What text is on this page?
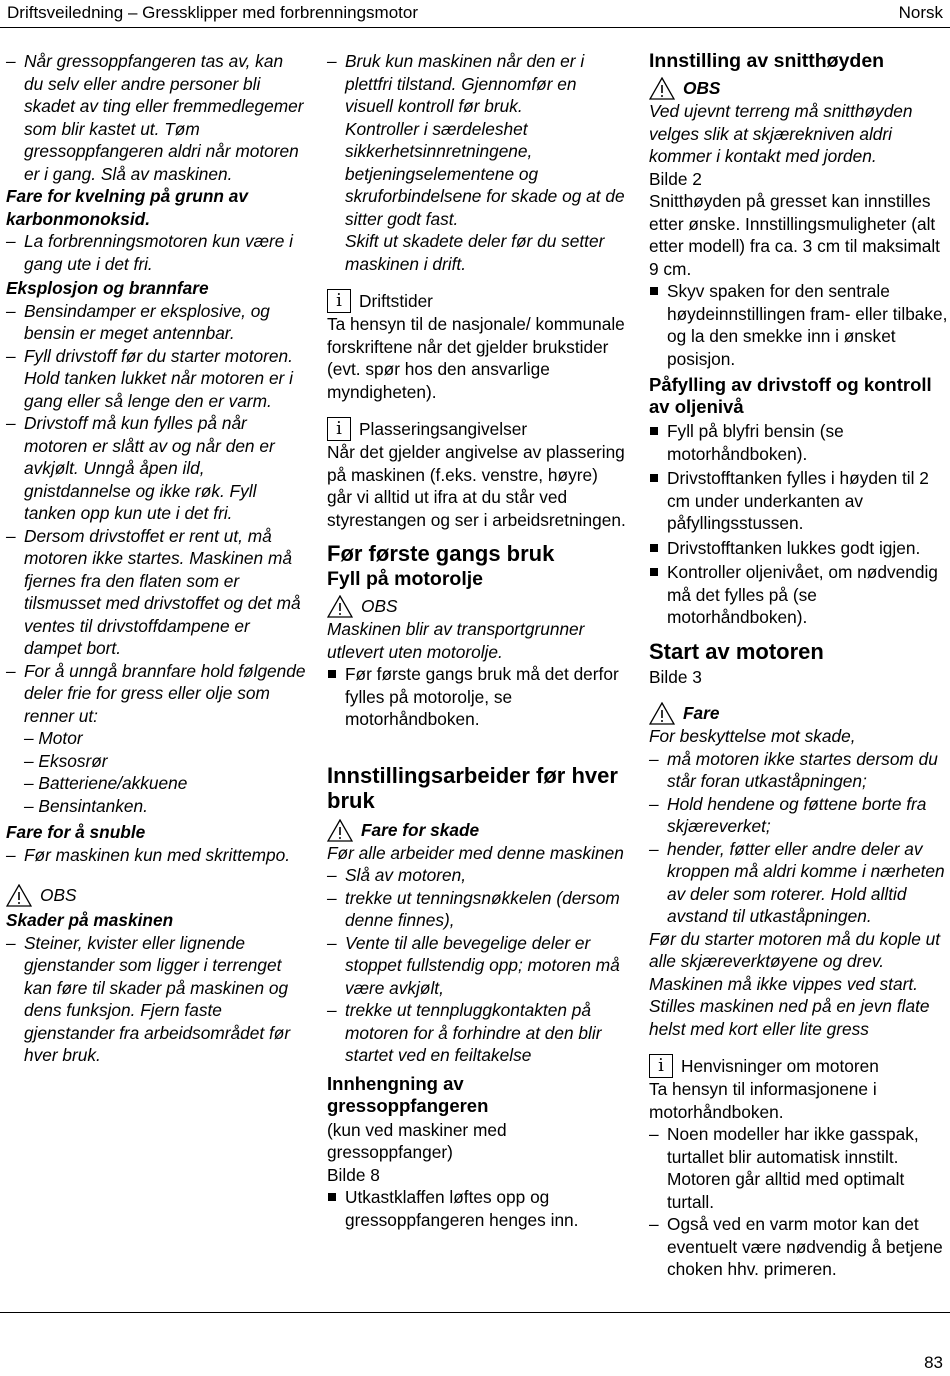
Driftsveiledning – Gressklipper med forbrenningsmotor	Norsk
– Når gressoppfangeren tas av, kan du selv eller andre personer bli skadet av ting eller fremmedlegemer som blir kastet ut. Tøm gressoppfangeren aldri når motoren er i gang. Slå av maskinen.

Fare for kvelning på grunn av karbonmonoksid.

– La forbrenningsmotoren kun være i gang ute i det fri.

Eksplosjon og brannfare

– Bensindamper er eksplosive, og bensin er meget antennbar.
– Fyll drivstoff før du starter motoren. Hold tanken lukket når motoren er i gang eller så lenge den er varm.
– Drivstoff må kun fylles på når motoren er slått av og når den er avkjølt. Unngå åpen ild, gnistdannelse og ikke røk. Fyll tanken opp kun ute i det fri.
– Dersom drivstoffet er rent ut, må motoren ikke startes. Maskinen må fjernes fra den flaten som er tilsmusset med drivstoffet og det må ventes til drivstoffdampene er dampet bort.
– For å unngå brannfare hold følgende deler frie for gress eller olje som renner ut:

– Motor

– Eksosrør

– Batteriene/akkuene

– Bensintanken.

Fare for å snuble

– Før maskinen kun med skrittempo.
OBS

Skader på maskinen

– Steiner, kvister eller lignende gjenstander som ligger i terrenget kan føre til skader på maskinen og dens funksjon. Fjern faste gjenstander fra arbeidsområdet før hver bruk.
– Bruk kun maskinen når den er i plettfri tilstand. Gjennomfør en visuell kontroll før bruk.

Kontroller i særdeleshet sikkerhetsinnretningene, betjeningselementene og skruforbindelsene for skade og at de sitter godt fast.

Skift ut skadete deler før du setter maskinen i drift.

i Driftstider

Ta hensyn til de nasjonale/ kommunale forskriftene når det gjelder brukstider (evt. spør hos den ansvarlige myndigheten).

i Plasseringsangivelser

Når det gjelder angivelse av plassering på maskinen (f.eks. venstre, høyre) går vi alltid ut ifra at du står ved styrestangen og ser i arbeidsretningen.

Før første gangs bruk

Fyll på motorolje

OBS

Maskinen blir av transportgrunner utlevert uten motorolje.

Før første gangs bruk må det derfor fylles på motorolje, se motorhåndboken.

Innstillingsarbeider før hver bruk

Fare for skade

Før alle arbeider med denne maskinen

– Slå av motoren,
– trekke ut tenningsnøkkelen (dersom denne finnes),
– Vente til alle bevegelige deler er stoppet fullstendig opp; motoren må være avkjølt,
– trekke ut tennpluggkontakten på motoren for å forhindre at den blir startet ved en feiltakelse

Innhengning av gressoppfangeren

(kun ved maskiner med gressoppfanger)

Bilde 8

Utkastklaffen løftes opp og gressoppfangeren henges inn.

Innstilling av snitthøyden

OBS

Ved ujevnt terreng må snitthøyden velges slik at skjærekniven aldri kommer i kontakt med jorden.

Bilde 2

Snitthøyden på gresset kan innstilles etter ønske. Innstillingsmuligheter (alt etter modell) fra ca. 3 cm til maksimalt 9 cm.

Skyv spaken for den sentrale høydeinnstillingen fram- eller tilbake, og la den smekke inn i ønsket posisjon.

Påfylling av drivstoff og kontroll av oljenivå

Fyll på blyfri bensin (se motorhåndboken).
Drivstofftanken fylles i høyden til 2 cm under underkanten av påfyllingsstussen.
Drivstofftanken lukkes godt igjen.
Kontroller oljenivået, om nødvendig må det fylles på (se motorhåndboken).

Start av motoren

Bilde 3

Fare

For beskyttelse mot skade,

– må motoren ikke startes dersom du står foran utkaståpningen;
– Hold hendene og føttene borte fra skjæreverket;
– hender, føtter eller andre deler av kroppen må aldri komme i nærheten av deler som roterer. Hold alltid avstand til utkaståpningen.

Før du starter motoren må du kople ut alle skjæreverktøyene og drev. Maskinen må ikke vippes ved start. Stilles maskinen ned på en jevn flate helst med kort eller lite gress

i Henvisninger om motoren

Ta hensyn til informasjonene i motorhåndboken.

– Noen modeller har ikke gasspak, turtallet blir automatisk innstilt. Motoren går alltid med optimalt turtall.
– Også ved en varm motor kan det eventuelt være nødvendig å betjene choken hhv. primeren.
83
